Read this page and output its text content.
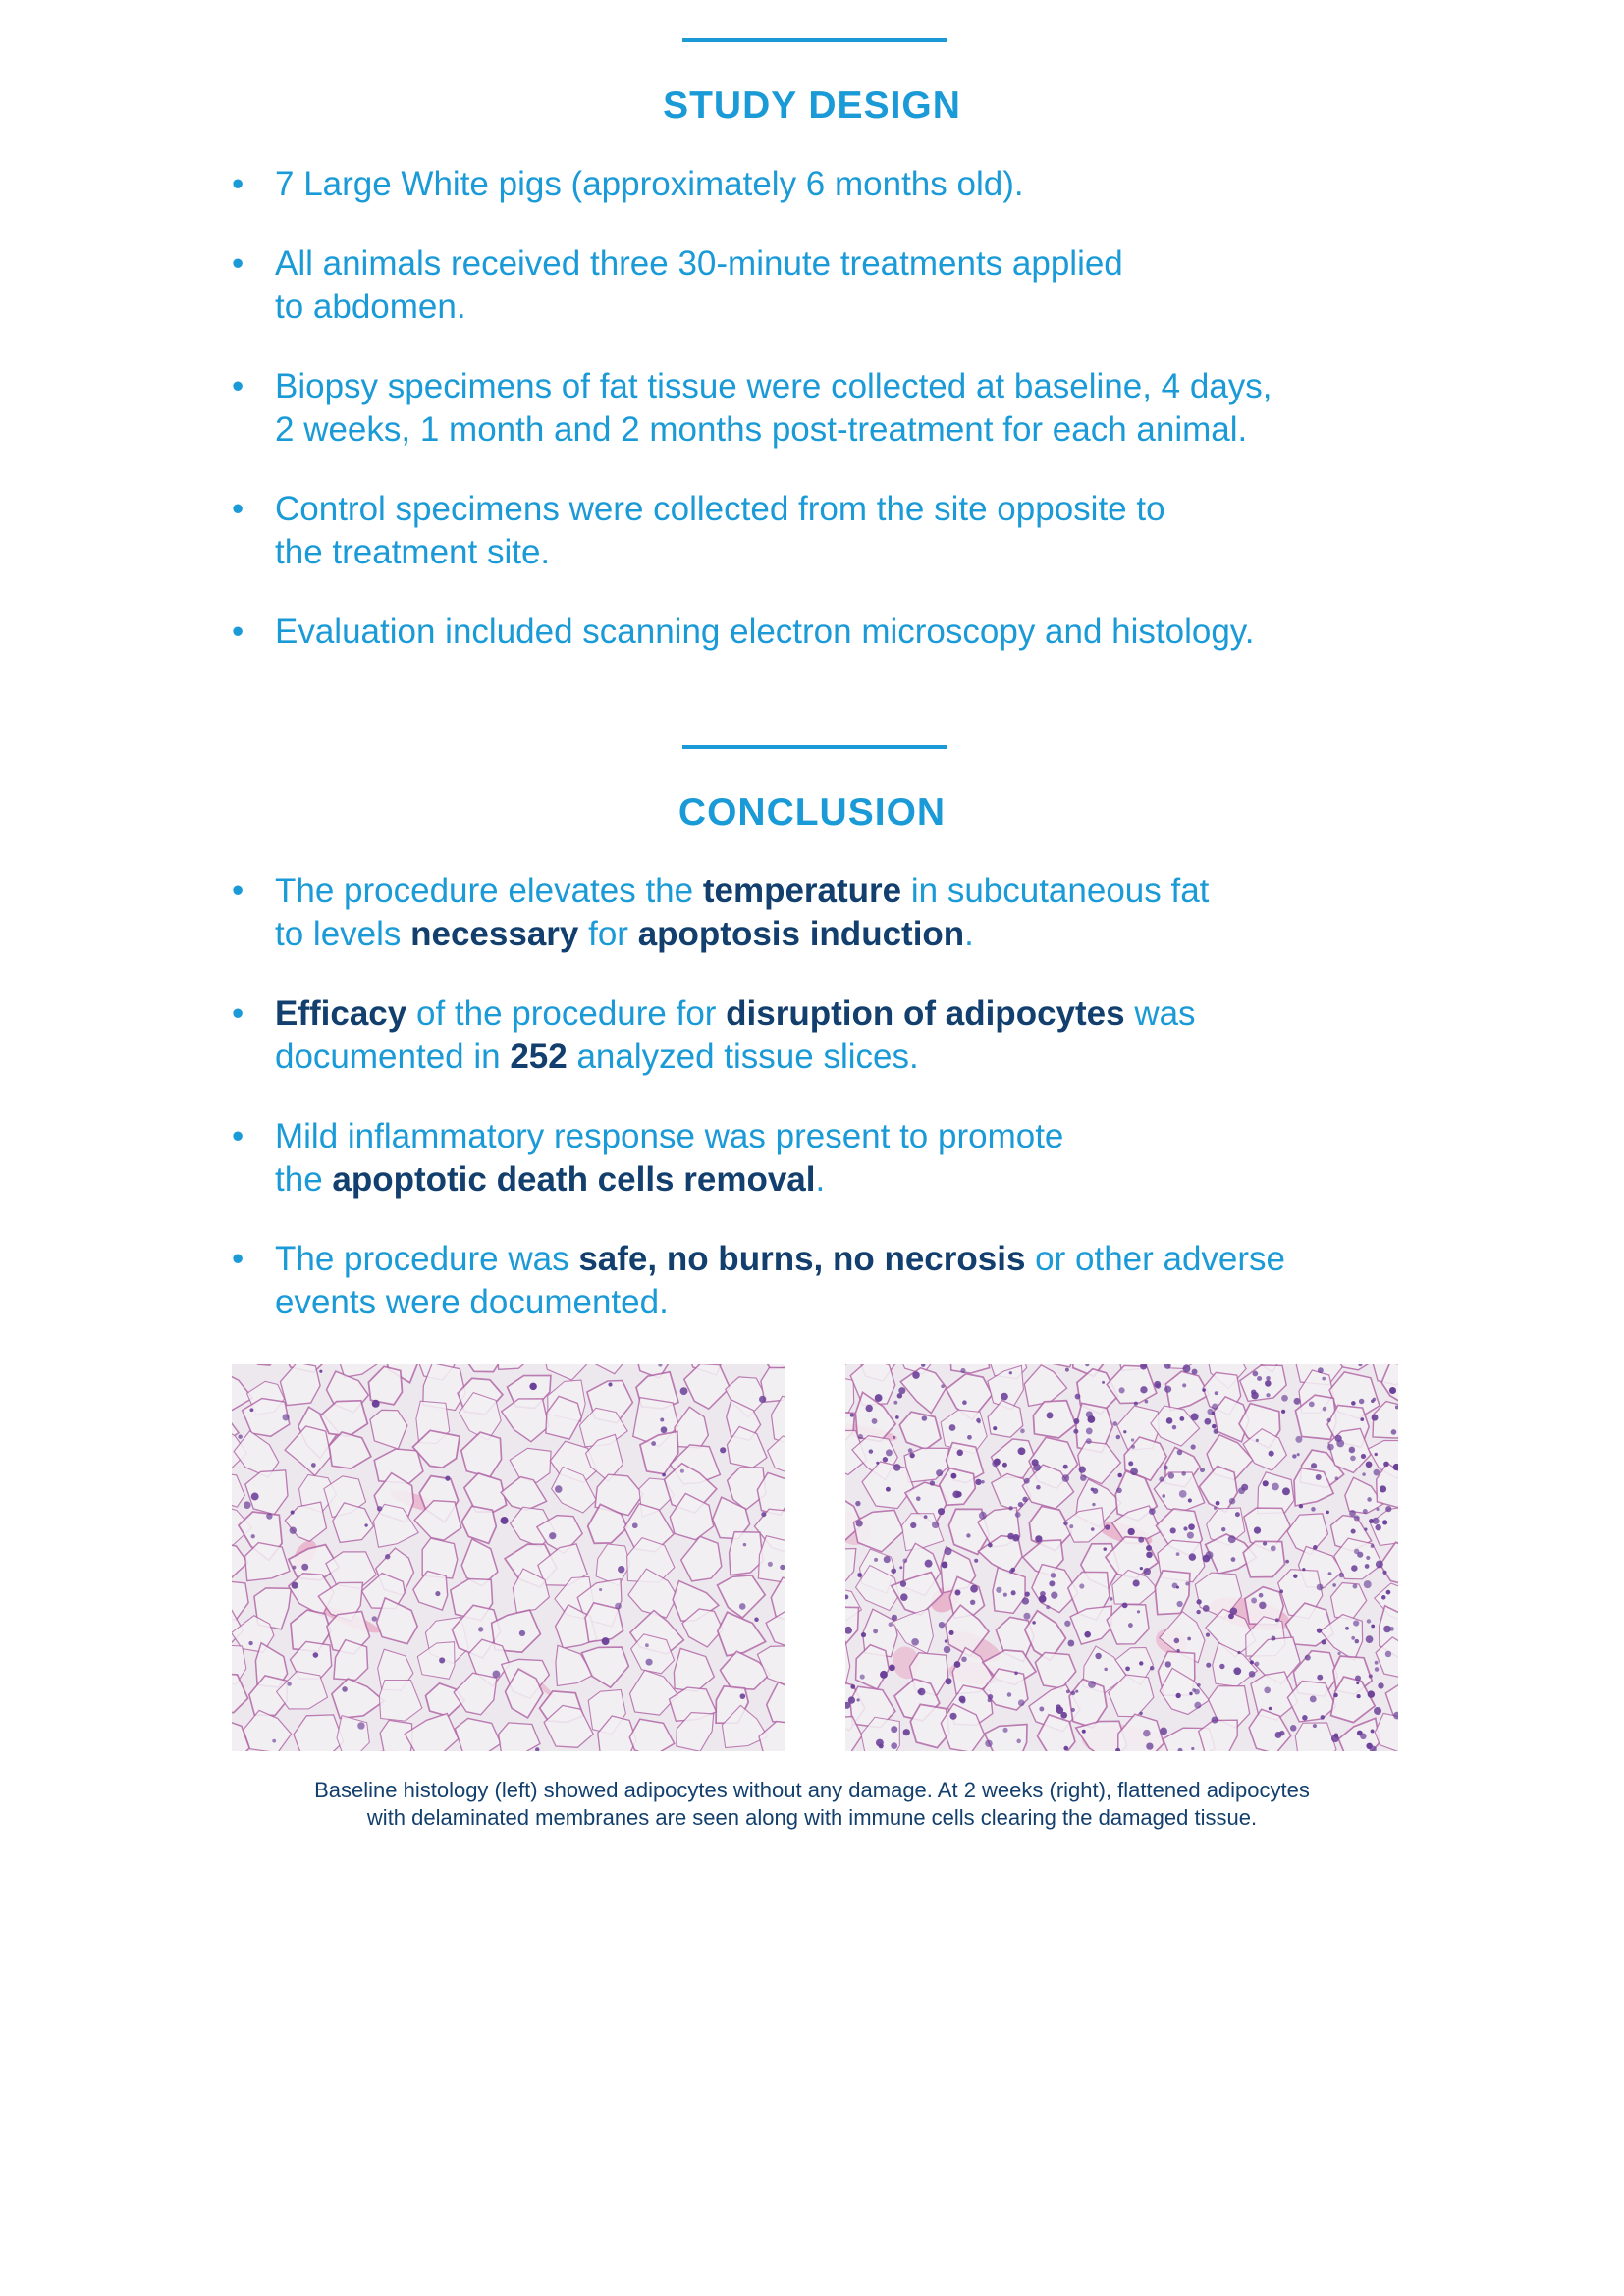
STUDY DESIGN
• 7 Large White pigs (approximately 6 months old).
• All animals received three 30-minute treatments applied
to abdomen.
• Biopsy specimens of fat tissue were collected at baseline, 4 days,
2 weeks, 1 month and 2 months post-treatment for each animal.
• Control specimens were collected from the site opposite to
the treatment site.
• Evaluation included scanning electron microscopy and histology.
CONCLUSION
• The procedure elevates the temperature in subcutaneous fat
to levels necessary for apoptosis induction.
• Efficacy of the procedure for disruption of adipocytes was
documented in 252 analyzed tissue slices.
• Mild inflammatory response was present to promote
the apoptotic death cells removal.
• The procedure was safe, no burns, no necrosis or other adverse
events were documented.
Baseline histology (left) showed adipocytes without any damage. At 2 weeks (right), flattened adipocytes
with delaminated membranes are seen along with immune cells clearing the damaged tissue.
